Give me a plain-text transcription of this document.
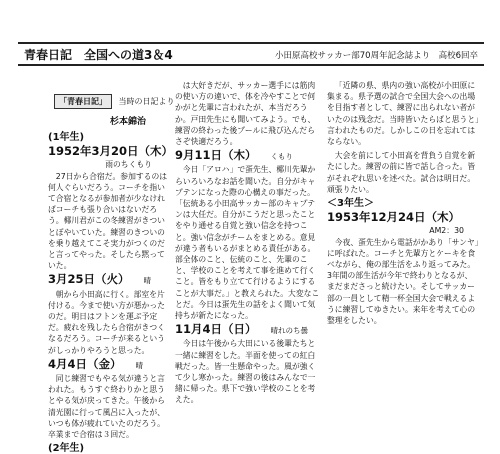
青春日記　全国への道3＆4	小田原高校サッカー部70周年記念誌より　高校6回卒
「青春日記」 当時の日記より
杉本錦治
(1年生)
1952年3月20日（木）
雨のちくもり

27日から合宿だ。参加するのは何人ぐらいだろう。コーチを指いて合宿となるが参加者が少なければコーチも張り合いはないだろう。椰川君がこの冬練習がきついとぼやいていた。練習のきついのを乗り越えてこそ実力がつくのだと言ってやった。そしたら黙っていた。

3月25日（火） 晴

朝から小田高に行く。部室を片付ける。今まで使い方が悪かったのだ。明日はフトンを運ぶ予定だ。疲れを残したら合宿がきつくなるだろう。コーチが来るというがしっかりやろうと思った。

4月4日（金） 晴

同じ練習でもやる気が違うと言われた。もうすぐ終わりかと思うとやる気が戻ってきた。午後から清光園に行って風呂に入ったが、いつも体が疲れていたのだろう。卒業まで合宿は３回だ。

(2年生)

は大好きだが、サッカー選手には筋肉の使い方の違いで、体を冷やすことで何かがと先輩に言われたが、本当だろうか。戸田先生にも聞いてみよう。でも、練習の終わった後プールに飛び込んだらさぞ快適だろう。

9月11日（木） くもり

今日「アロハ」で蛋先生、椰川先輩からいろいろなお話を聞いた。自分がキャプテンになった際の心構えの事だった。「伝統ある小田高サッカー部のキャプテンは大任だ。自分がこうだと思ったことをやり通せる自覚と強い信念を持つこと。強い信念がチームをまとめる。意見が違う者もいるがまとめる責任がある。部全体のこと、伝統のこと、先輩のこと、学校のことを考えて事を進めて行くこと。皆をもり立てて行けるようにすることが大事だ。」と教えられた。大変なことだ。今日は蛋先生の話をよく聞いて気持ちが新たになった。

11月4日（日） 晴れのち曇

今日は午後から大田にいる後輩たちと一緒に練習をした。半面を使っての紅白戦だった。皆一生懸命やった。風が強くて少し寒かった。練習の後はみんなで一緒に帰った。県下で強い学校のことを考えた。

「近隣の県、県内の強い高校が小田原に集まる。県予選の試合で全国大会への出場を目指す者として、練習に出られない者がいたのは残念だ。当時皆いたらばと思うと」言われたものだ。しかしこの日を忘れてはならない。

大会を前にして小田高を背負う自覚を新たにした。練習の前に皆で話し合った。皆がそれぞれ思いを述べた。試合は明日だ。頑張りたい。

＜3年生＞
1953年12月24日（木）
AM2：30

今夜、蛋先生から電話がかあり「サンヤ」に呼ばれた。コーチと先輩方とケーキを食べながら、俺の部生活をふり返ってみた。3年間の部生活が今年で終わりとなるが、まだまださっと続けたい。そしてサッカー部の一員として精一杯全国大会で戦えるように練習してゆきたい。来年を考えて心の整理をしたい。
